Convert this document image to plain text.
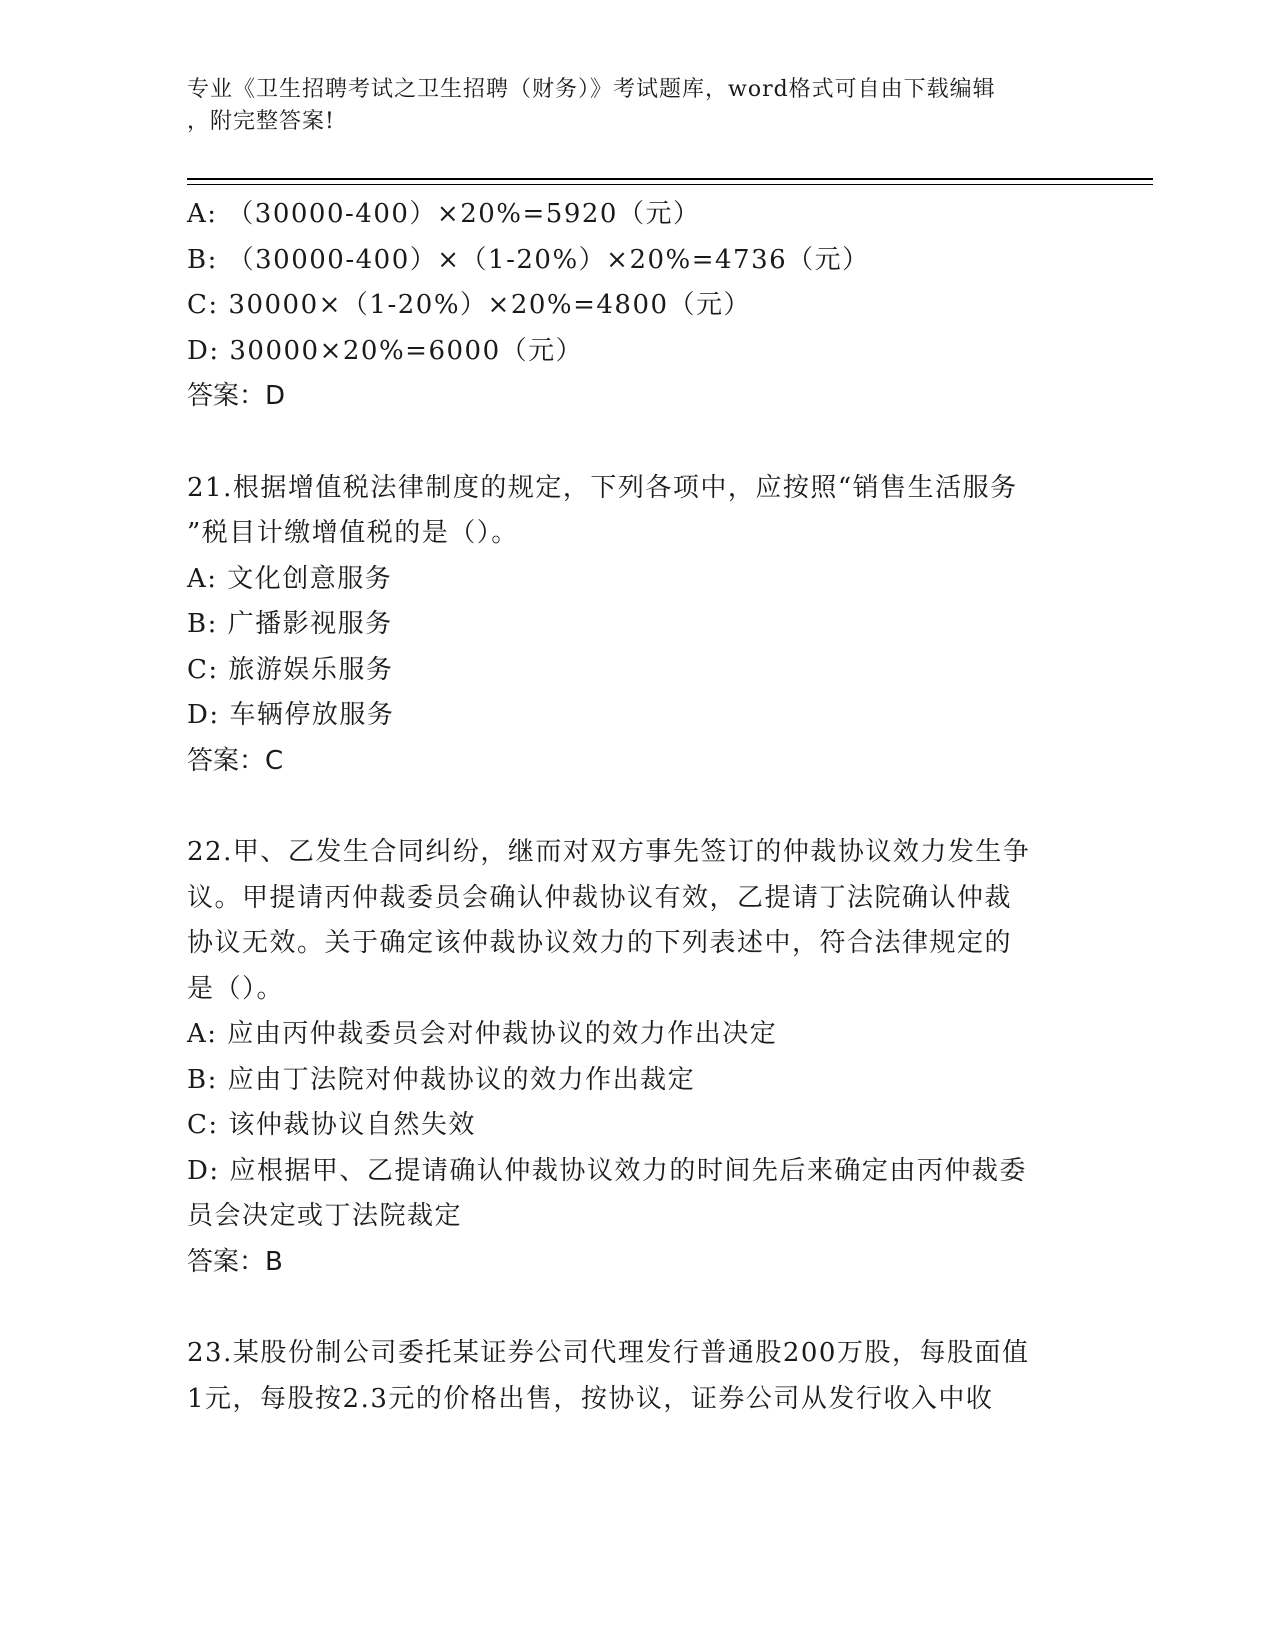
专业《卫生招聘考试之卫生招聘（财务）》考试题库，word格式可自由下载编辑
，附完整答案!
A: （30000-400）×20%=5920（元）
B: （30000-400）×（1-20%）×20%=4736（元）
C: 30000×（1-20%）×20%=4800（元）
D: 30000×20%=6000（元）
答案：D
21.根据增值税法律制度的规定，下列各项中，应按照“销售生活服务
”税目计缴增值税的是（）。
A: 文化创意服务
B: 广播影视服务
C: 旅游娱乐服务
D: 车辆停放服务
答案：C
22.甲、乙发生合同纠纷，继而对双方事先签订的仲裁协议效力发生争
议。甲提请丙仲裁委员会确认仲裁协议有效，乙提请丁法院确认仲裁
协议无效。关于确定该仲裁协议效力的下列表述中，符合法律规定的
是（）。
A: 应由丙仲裁委员会对仲裁协议的效力作出决定
B: 应由丁法院对仲裁协议的效力作出裁定
C: 该仲裁协议自然失效
D: 应根据甲、乙提请确认仲裁协议效力的时间先后来确定由丙仲裁委
员会决定或丁法院裁定
答案：B
23.某股份制公司委托某证券公司代理发行普通股200万股，每股面值
1元，每股按2.3元的价格出售，按协议，证券公司从发行收入中收
